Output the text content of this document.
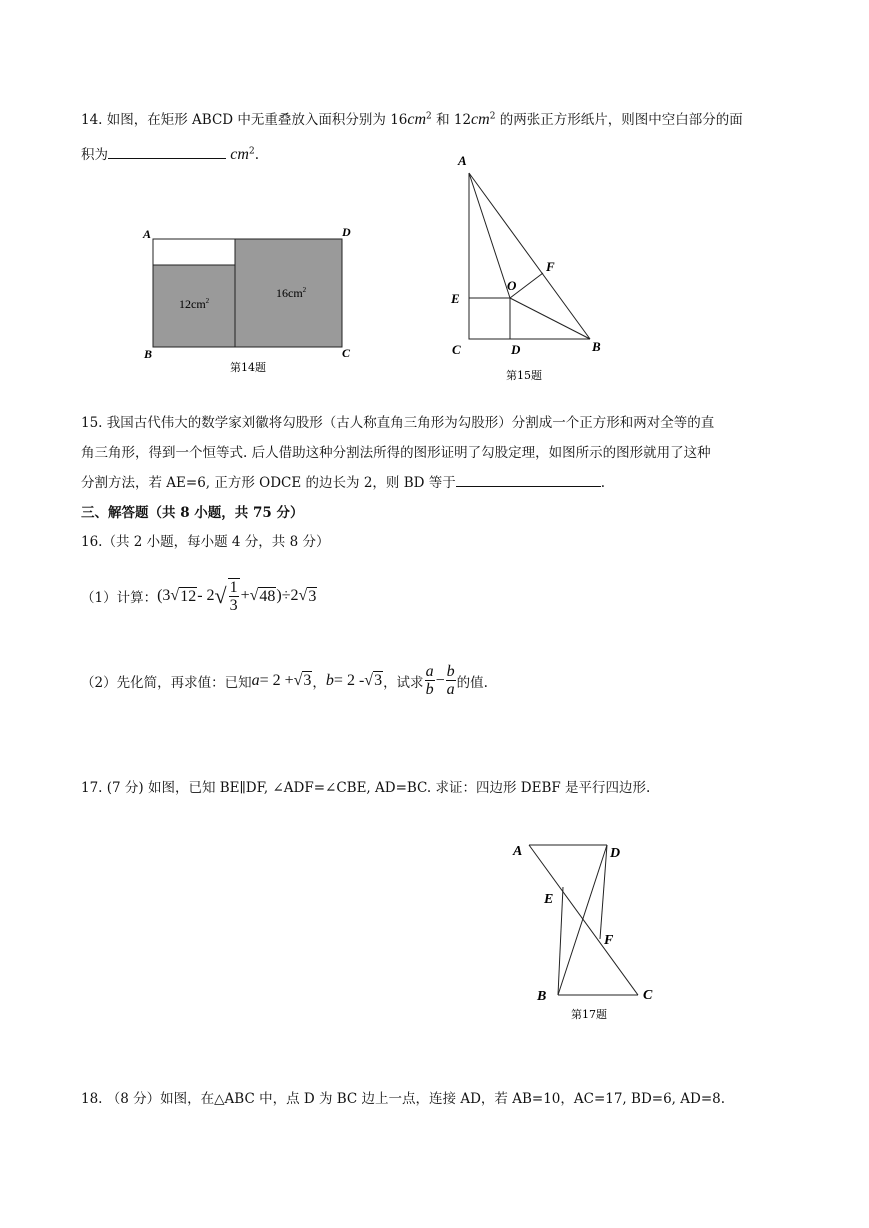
14. 如图，在矩形 ABCD 中无重叠放入面积分别为 $16cm^2$ 和 $12cm^2$ 的两张正方形纸片，则图中空白部分的面
积为	$cm^2$.
A	D
B	C
$12cm^2$
$16cm^2$
第14题
A
F
O
E
C	D	B
第15题
15. 我国古代伟大的数学家刘徽将勾股形（古人称直角三角形为勾股形）分割成一个正方形和两对全等的直
角三角形，得到一个恒等式. 后人借助这种分割法所得的图形证明了勾股定理，如图所示的图形就用了这种
分割方法，若 AE=6, 正方形 ODCE 的边长为 2，则 BD 等于	.
三、解答题（共 8 小题，共 75 分）
16.（共 2 小题，每小题 4 分，共 8 分）
（1）计算： (3 √ 12 - 2 √ $\frac{1}{3}$ + √ 48 )÷2 √ 3
（2）先化简，再求值：已知 a = 2 + √ 3 ， b = 2 - √ 3 ，试求 $\frac{a}{b} - \frac{b}{a}$ 的值.
17. (7 分) 如图，已知 BE∥DF, ∠ADF=∠CBE, AD=BC. 求证：四边形 DEBF 是平行四边形.
A	D
E
F
B	C
第17题
18. （8 分）如图，在△ABC 中，点 D 为 BC 边上一点，连接 AD，若 AB=10，AC=17, BD=6, AD=8.
